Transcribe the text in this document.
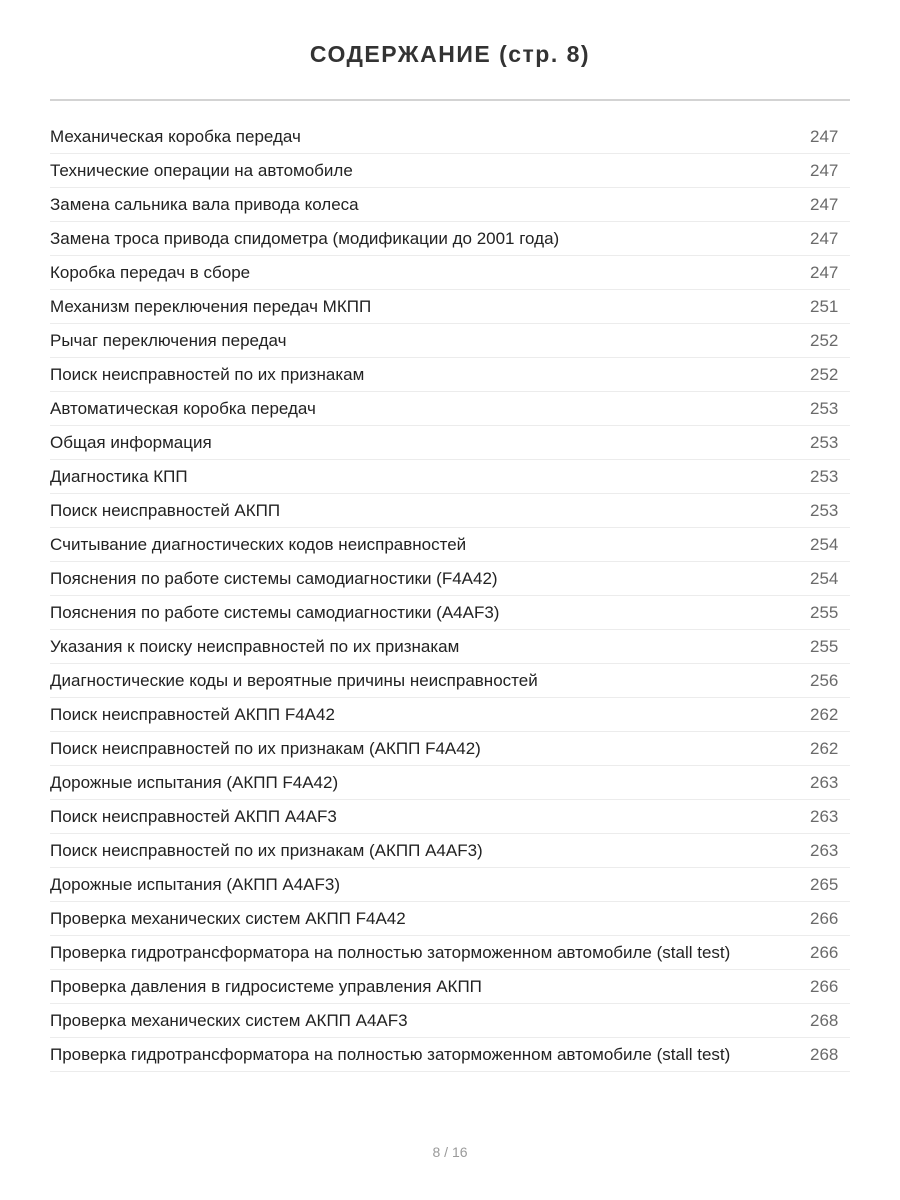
СОДЕРЖАНИЕ (стр. 8)
Механическая коробка передач	247
Технические операции на автомобиле	247
Замена сальника вала привода колеса	247
Замена троса привода спидометра (модификации до 2001 года)	247
Коробка передач в сборе	247
Механизм переключения передач МКПП	251
Рычаг переключения передач	252
Поиск неисправностей по их признакам	252
Автоматическая коробка передач	253
Общая информация	253
Диагностика КПП	253
Поиск неисправностей АКПП	253
Считывание диагностических кодов неисправностей	254
Пояснения по работе системы самодиагностики (F4A42)	254
Пояснения по работе системы самодиагностики (A4AF3)	255
Указания к поиску неисправностей по их признакам	255
Диагностические коды и вероятные причины неисправностей	256
Поиск неисправностей АКПП F4A42	262
Поиск неисправностей по их признакам (АКПП F4A42)	262
Дорожные испытания (АКПП F4A42)	263
Поиск неисправностей АКПП A4AF3	263
Поиск неисправностей по их признакам (АКПП A4AF3)	263
Дорожные испытания (АКПП A4AF3)	265
Проверка механических систем АКПП F4A42	266
Проверка гидротрансформатора на полностью заторможенном автомобиле (stall test)	266
Проверка давления в гидросистеме управления АКПП	266
Проверка механических систем АКПП A4AF3	268
Проверка гидротрансформатора на полностью заторможенном автомобиле (stall test)	268
8 / 16
